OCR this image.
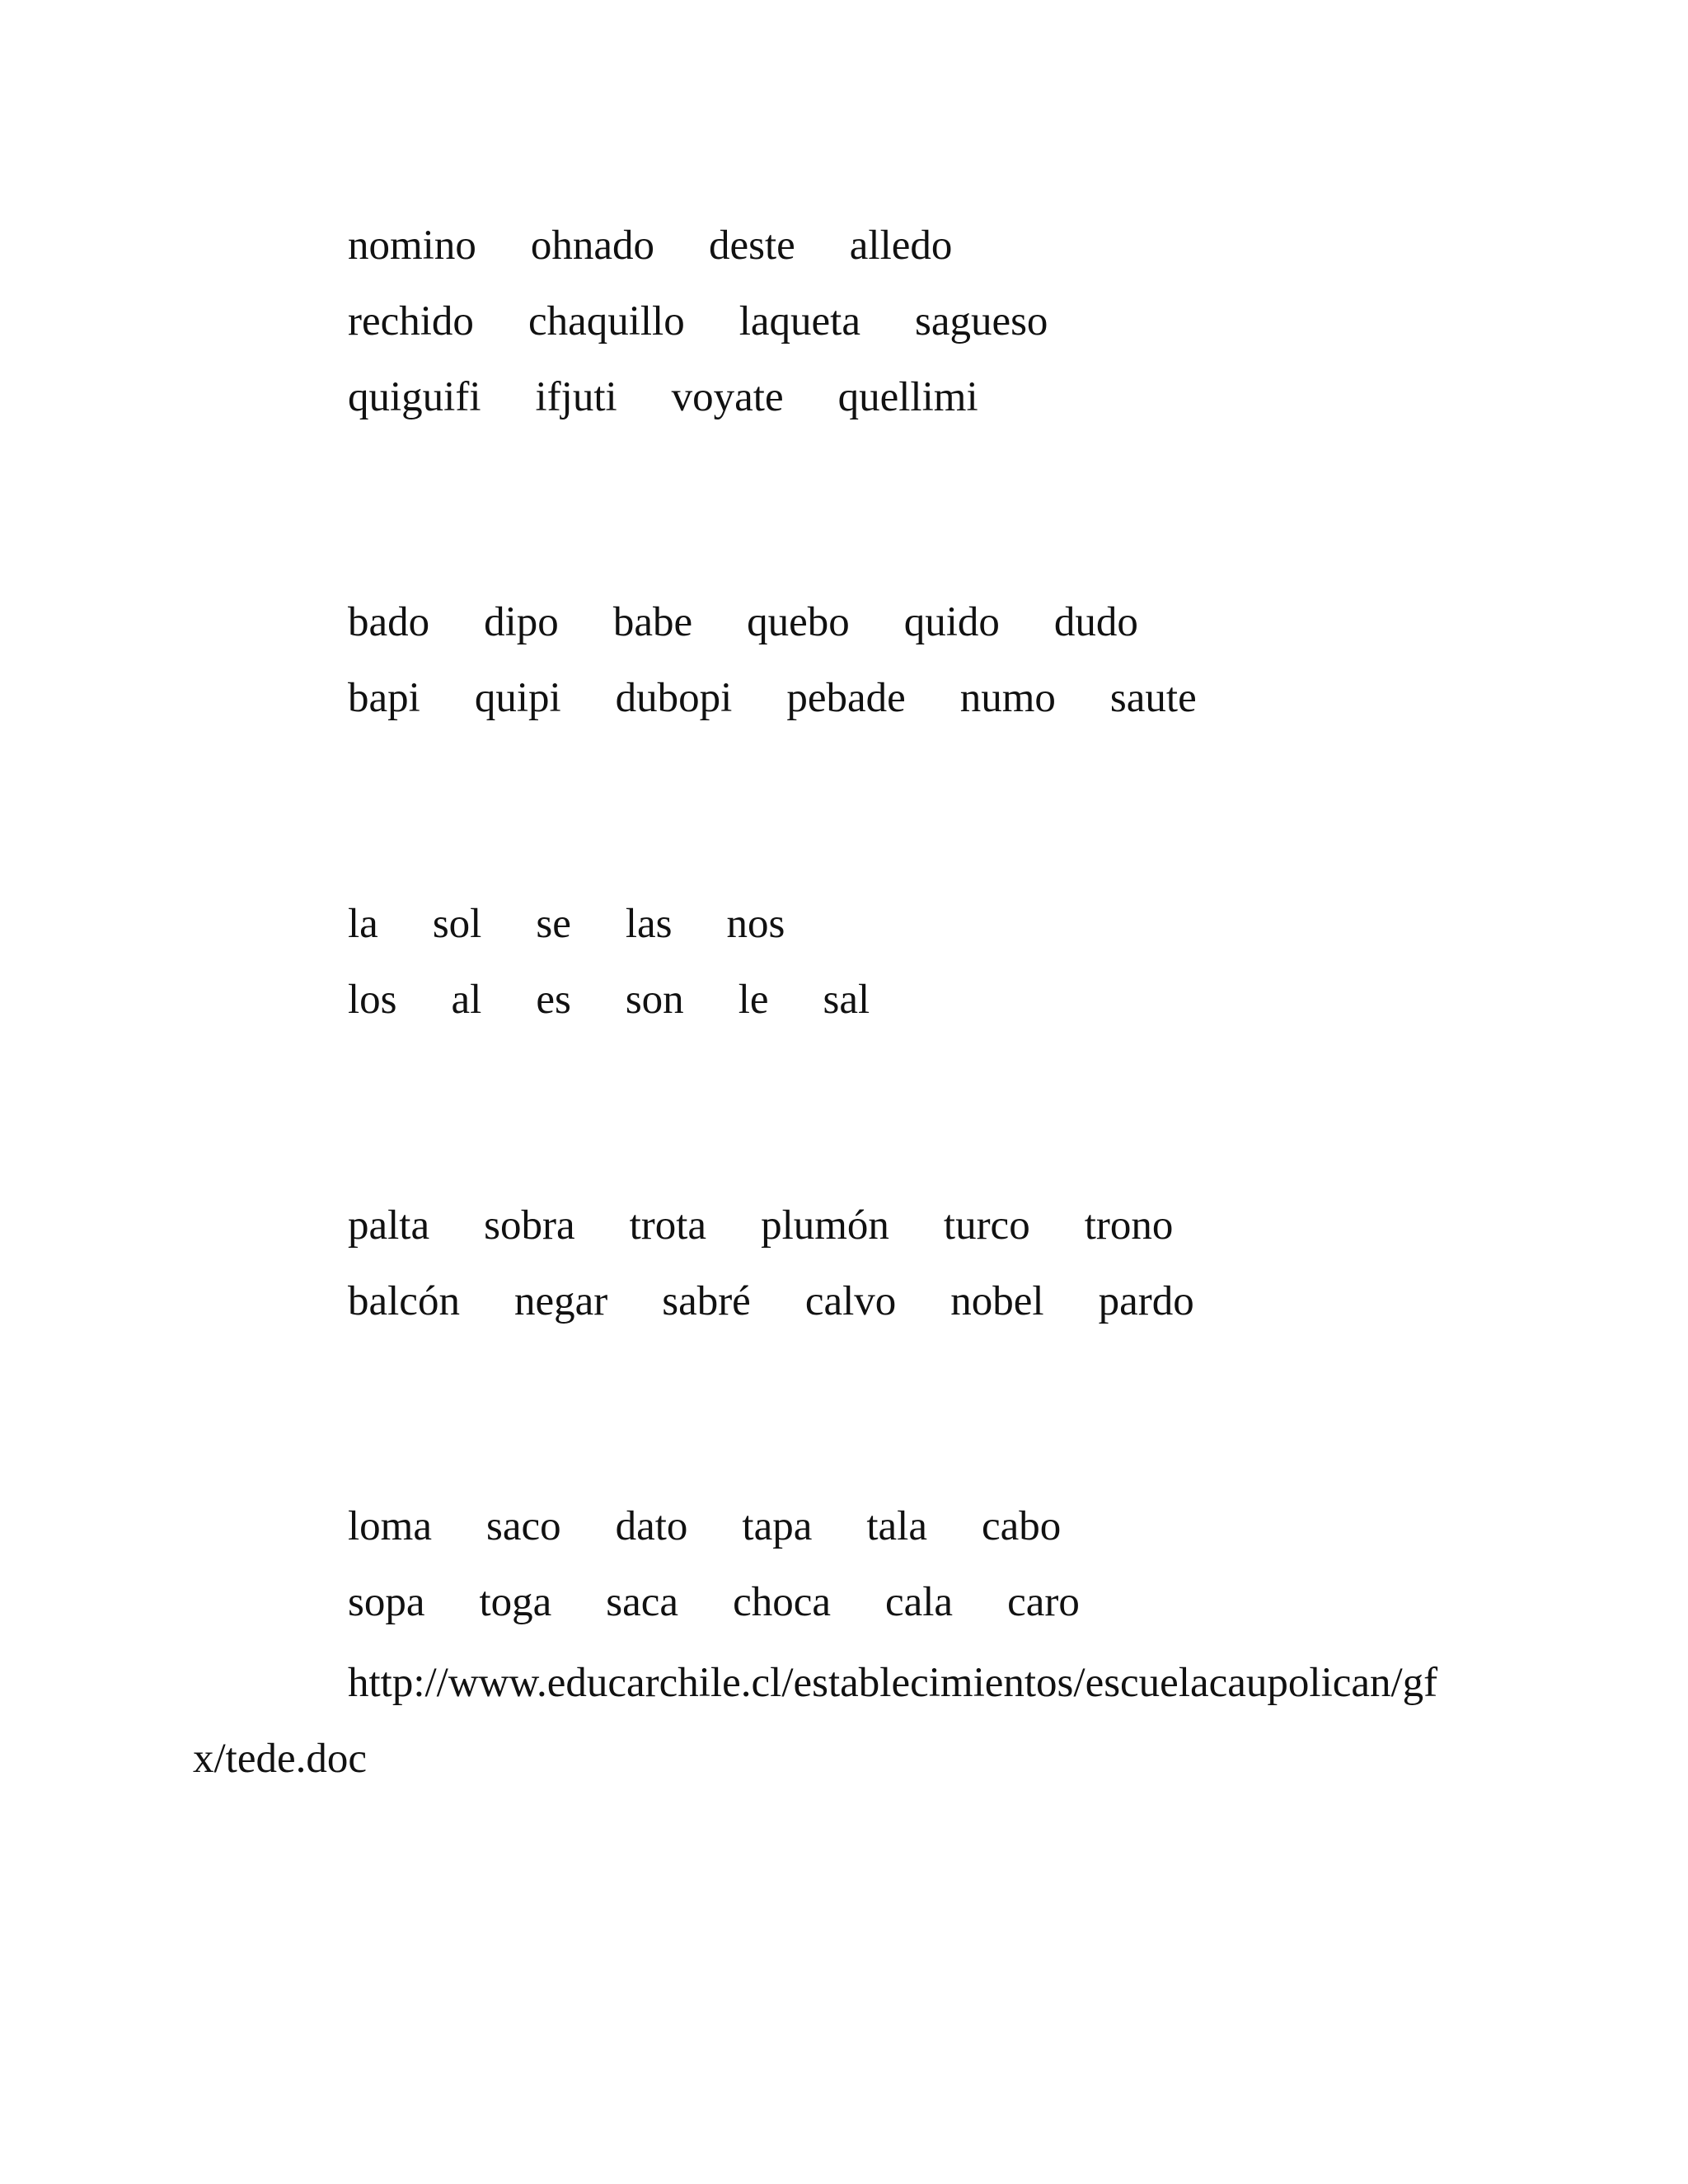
nomino ohnado deste alledo

rechido chaquillo laqueta sagueso

quiguifi ifjuti voyate quellimi

bado dipo babe quebo quido dudo

bapi quipi dubopi pebade numo saute

la sol se las nos

los al es son le sal

palta sobra trota plumón turco trono

balcón negar sabré calvo nobel pardo

loma saco dato tapa tala cabo

sopa toga saca choca cala caro

http://www.educarchile.cl/establecimientos/escuelacaupolican/gf

x/tede.doc
